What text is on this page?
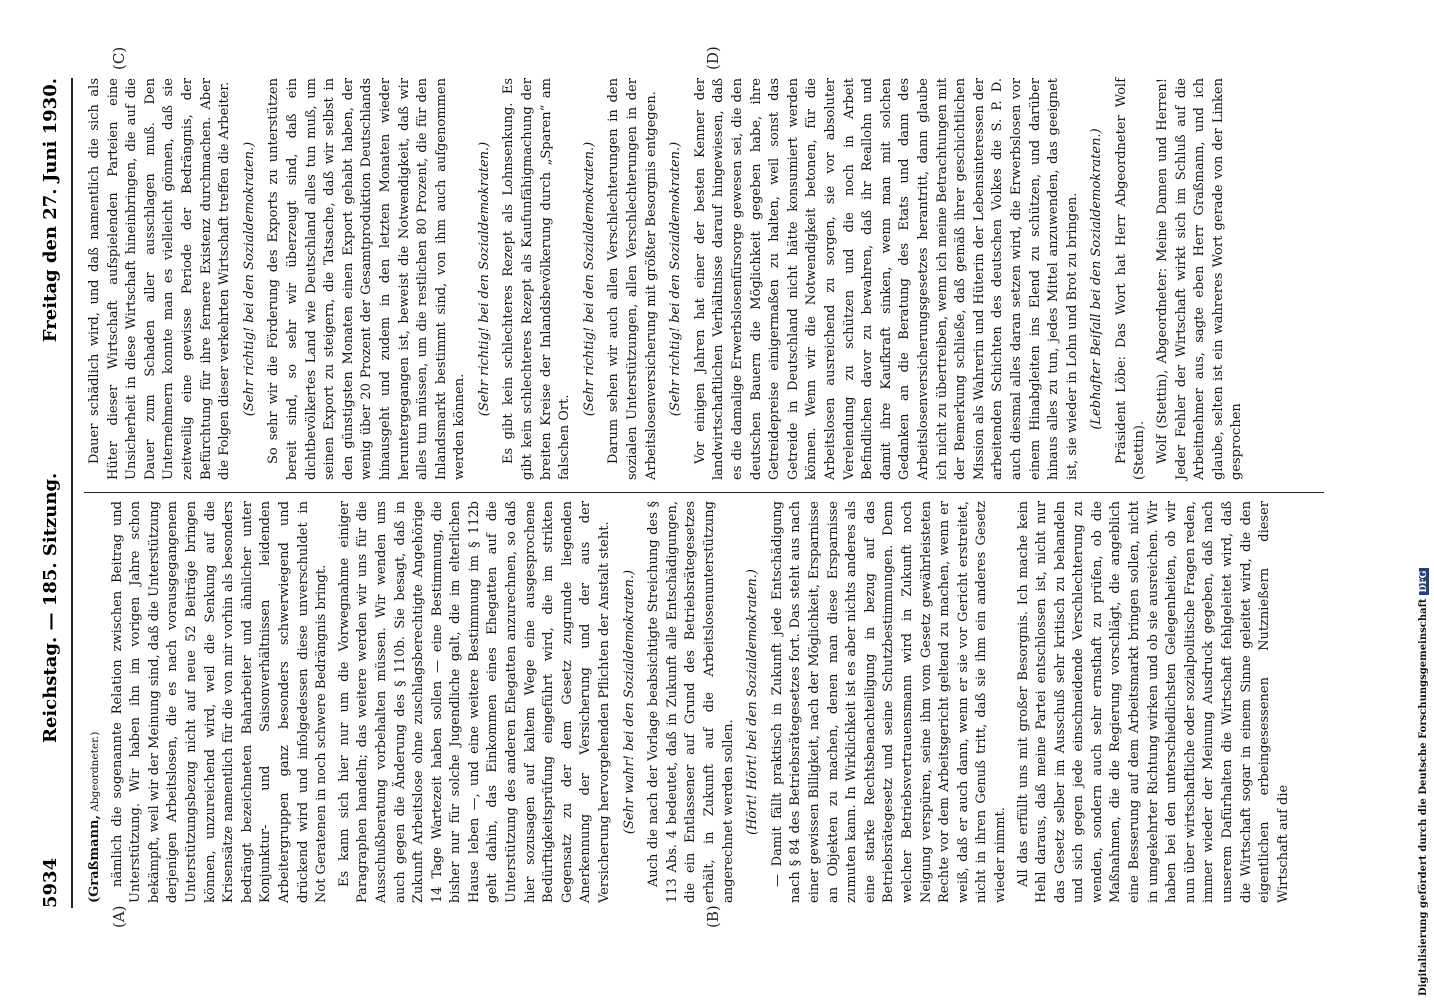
5934
Reichstag. — 185. Sitzung.
Freitag den 27. Juni 1930.
(A)	(B)
(C)	(D)

(Graßmann, Abgeordneter.) nämlich die sogenannte Relation zwischen Beitrag und Unterstützung. Wir haben ihn im vorigen Jahre schon bekämpft, weil wir der Meinung sind, daß die Unterstützung derjenigen Arbeitslosen, die es nach vorausgegangenem Unterstützungsbezug nicht auf neue 52 Beiträge bringen können, unzureichend wird, weil die Senkung auf die Krisensätze namentlich für die von mir vorhin als besonders bedrängt bezeichneten Baharbeiter und ähnlicher unter Konjunktur- und Saisonverhältnissen leidenden Arbeitergruppen ganz besonders schwerwiegend und drückend wird und infolgedessen diese unverschuldet in Not Geratenen in noch schwere Bedrängnis bringt. Es kann sich hier nur um die Vorwegnahme einiger Paragraphen handeln; das weitere werden wir uns für die Ausschußberatung vorbehalten müssen. Wir wenden uns auch gegen die Änderung des § 110b. Sie besagt, daß in Zukunft Arbeitslose ohne zuschlagsberechtigte Angehörige 14 Tage Wartezeit haben sollen — eine Bestimmung, die bisher nur für solche Jugendliche galt, die im elterlichen Hause leben —, und eine weitere Bestimmung im § 112b geht dahin, das Einkommen eines Ehegatten auf die Unterstützung des anderen Ehegatten anzurechnen, so daß hier sozusagen auf kaltem Wege eine ausgesprochene Bedürftigkeitsprüfung eingeführt wird, die im strikten Gegensatz zu der dem Gesetz zugrunde liegenden Anerkennung der Versicherung und der aus der Versicherung hervorgehenden Pflichten der Anstalt steht. (Sehr wahr! bei den Sozialdemokraten.) Auch die nach der Vorlage beabsichtigte Streichung des § 113 Abs. 4 bedeutet, daß in Zukunft alle Entschädigungen, die ein Entlassener auf Grund des Betriebsrätegesetzes erhält, in Zukunft auf die Arbeitslosenunterstützung angerechnet werden sollen. (Hört! Hört! bei den Sozialdemokraten.) — Damit fällt praktisch in Zukunft jede Entschädigung nach § 84 des Betriebsrätegesetzes fort. Das steht aus nach einer gewissen Billigkeit, nach der Möglichkeit, Ersparnisse an Objekten zu machen, denen man diese Ersparnisse zumuten kann. In Wirklichkeit ist es aber nichts anderes als eine starke Rechtsbenachteiligung in bezug auf das Betriebsrätegesetz und seine Schutzbestimmungen. Denn welcher Betriebsvertrauensmann wird in Zukunft noch Neigung verspüren, seine ihm vom Gesetz gewährleisteten Rechte vor dem Arbeitsgericht geltend zu machen, wenn er weiß, daß er auch dann, wenn er sie vor Gericht erstreitet, nicht in ihren Genuß tritt, daß sie ihm ein anderes Gesetz wieder nimmt. All das erfüllt uns mit großer Besorgnis. Ich mache kein Hehl daraus, daß meine Partei entschlossen ist, nicht nur das Gesetz selber im Ausschuß sehr kritisch zu behandeln und sich gegen jede einschneidende Verschlechterung zu wenden, sondern auch sehr ernsthaft zu prüfen, ob die Maßnahmen, die die Regierung vorschlägt, die angeblich eine Besserung auf dem Arbeitsmarkt bringen sollen, nicht in umgekehrter Richtung wirken und ob sie ausreichen. Wir haben bei den unterschiedlichsten Gelegenheiten, ob wir nun über wirtschaftliche oder sozialpolitische Fragen reden, immer wieder der Meinung Ausdruck gegeben, daß nach unserem Dafürhalten die Wirtschaft fehlgeleitet wird, daß die Wirtschaft sogar in einem Sinne geleitet wird, die den eigentlichen erbeingesessenen Nutznießern dieser Wirtschaft auf die

Dauer schädlich wird, und daß namentlich die sich als Hüter dieser Wirtschaft aufspielenden Parteien eine Unsicherheit in diese Wirtschaft hineinbringen, die auf die Dauer zum Schaden aller ausschlagen muß. Den Unternehmern konnte man es vielleicht gönnen, daß sie zeitweilig eine gewisse Periode der Bedrängnis, der Befürchtung für ihre fernere Existenz durchmachen. Aber die Folgen dieser verkehrten Wirtschaft treffen die Arbeiter. (Sehr richtig! bei den Sozialdemokraten.) So sehr wir die Förderung des Exports zu unterstützen bereit sind, so sehr wir überzeugt sind, daß ein dichtbevölkertes Land wie Deutschland alles tun muß, um seinen Export zu steigern, die Tatsache, daß wir selbst in den günstigsten Monaten einen Export gehabt haben, der wenig über 20 Prozent der Gesamtproduktion Deutschlands hinausgeht und zudem in den letzten Monaten wieder heruntergegangen ist, beweist die Notwendigkeit, daß wir alles tun müssen, um die restlichen 80 Prozent, die für den Inlandsmarkt bestimmt sind, von ihm auch aufgenommen werden können.

(Sehr richtig! bei den Sozialdemokraten.) Es gibt kein schlechteres Rezept als Lohnsenkung. Es gibt kein schlechteres Rezept als Kaufunfähigmachung der breiten Kreise der Inlandsbevölkerung durch „Sparen“ am falschen Ort.

(Sehr richtig! bei den Sozialdemokraten.) Darum sehen wir auch allen Verschlechterungen in den sozialen Unterstützungen, allen Verschlechterungen in der Arbeitslosenversicherung mit größter Besorgnis entgegen. (Sehr richtig! bei den Sozialdemokraten.) Vor einigen Jahren hat einer der besten Kenner der landwirtschaftlichen Verhältnisse darauf hingewiesen, daß es die damalige Erwerbslosenfürsorge gewesen sei, die den deutschen Bauern die Möglichkeit gegeben habe, ihre Getreidepreise einigermaßen zu halten, weil sonst das Getreide in Deutschland nicht hätte konsumiert werden können. Wenn wir die Notwendigkeit betonen, für die Arbeitslosen ausreichend zu sorgen, sie vor absoluter Verelendung zu schützen und die noch in Arbeit Befindlichen davor zu bewahren, daß ihr Reallohn und damit ihre Kaufkraft sinken, wenn man mit solchen Gedanken an die Beratung des Etats und dann des Arbeitslosenversicherungsgesetzes herantritt, dann glaube ich nicht zu übertreiben, wenn ich meine Betrachtungen mit der Bemerkung schließe, daß gemäß ihrer geschichtlichen Mission als Wahrerin und Hüterin der Lebensinteressen der arbeitenden Schichten des deutschen Volkes die S. P. D. auch diesmal alles daran setzen wird, die Erwerbslosen vor einem Hinabgleiten ins Elend zu schützen, und darüber hinaus alles zu tun, jedes Mittel anzuwenden, das geeignet ist, sie wieder in Lohn und Brot zu bringen. (Lebhafter Beifall bei den Sozialdemokraten.) Präsident Löbe: Das Wort hat Herr Abgeordneter Wolf (Stettin). Wolf (Stettin), Abgeordneter: Meine Damen und Herren! Jeder Fehler der Wirtschaft wirkt sich im Schluß auf die Arbeitnehmer aus, sagte eben Herr Graßmann, und ich glaube, selten ist ein wahreres Wort gerade von der Linken gesprochen

Digitalisierung gefördert durch die Deutsche ForschungsgemeinschaftDFG
